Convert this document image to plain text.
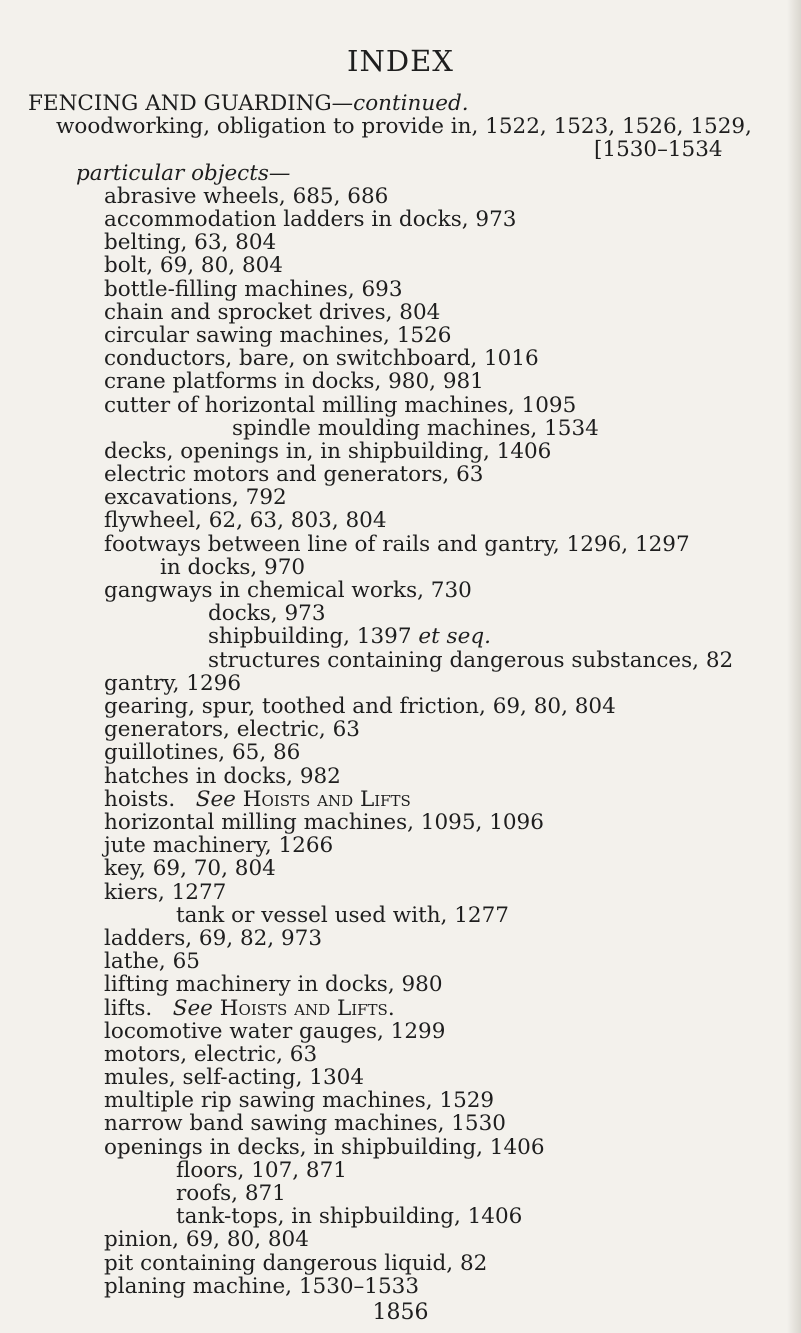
INDEX
FENCING AND GUARDING—continued.
woodworking, obligation to provide in, 1522, 1523, 1526, 1529,
[1530–1534
particular objects—
abrasive wheels, 685, 686
accommodation ladders in docks, 973
belting, 63, 804
bolt, 69, 80, 804
bottle-filling machines, 693
chain and sprocket drives, 804
circular sawing machines, 1526
conductors, bare, on switchboard, 1016
crane platforms in docks, 980, 981
cutter of horizontal milling machines, 1095
spindle moulding machines, 1534
decks, openings in, in shipbuilding, 1406
electric motors and generators, 63
excavations, 792
flywheel, 62, 63, 803, 804
footways between line of rails and gantry, 1296, 1297
in docks, 970
gangways in chemical works, 730
docks, 973
shipbuilding, 1397 et seq.
structures containing dangerous substances, 82
gantry, 1296
gearing, spur, toothed and friction, 69, 80, 804
generators, electric, 63
guillotines, 65, 86
hatches in docks, 982
hoists. See Hoists and Lifts
horizontal milling machines, 1095, 1096
jute machinery, 1266
key, 69, 70, 804
kiers, 1277
tank or vessel used with, 1277
ladders, 69, 82, 973
lathe, 65
lifting machinery in docks, 980
lifts. See Hoists and Lifts.
locomotive water gauges, 1299
motors, electric, 63
mules, self-acting, 1304
multiple rip sawing machines, 1529
narrow band sawing machines, 1530
openings in decks, in shipbuilding, 1406
floors, 107, 871
roofs, 871
tank-tops, in shipbuilding, 1406
pinion, 69, 80, 804
pit containing dangerous liquid, 82
planing machine, 1530–1533
1856
